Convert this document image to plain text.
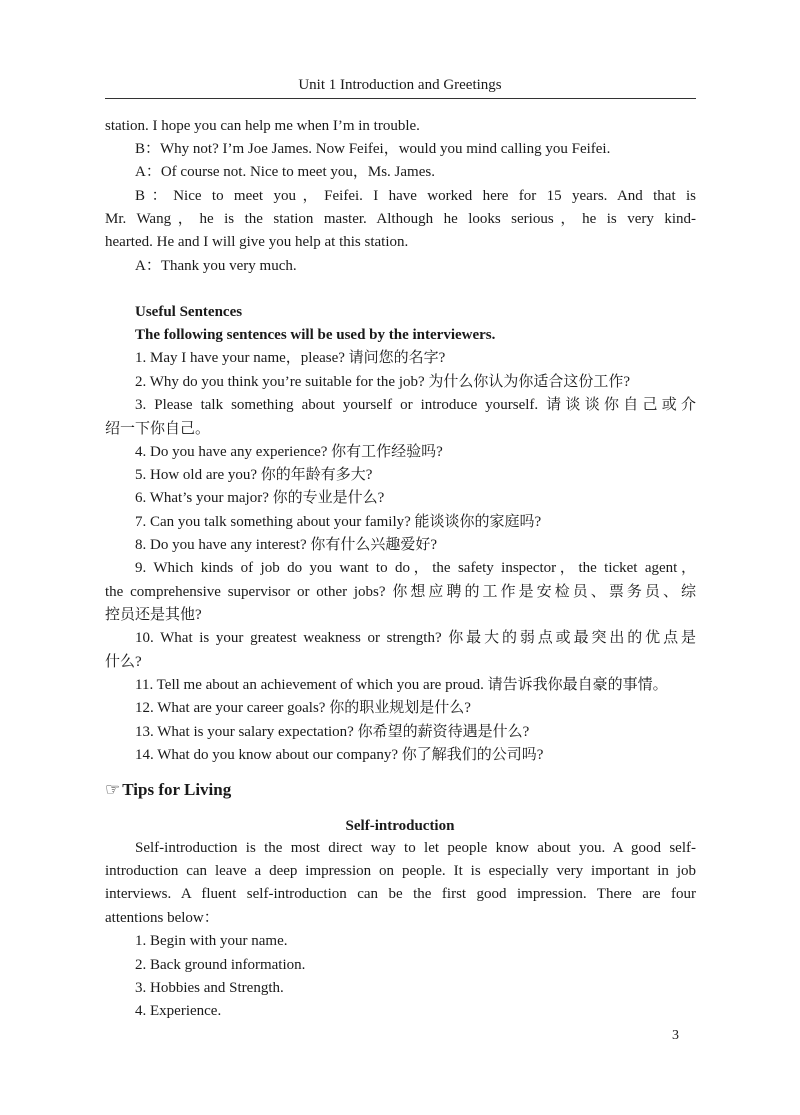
Unit 1 Introduction and Greetings
station. I hope you can help me when I’m in trouble.
B：Why not? I’m Joe James. Now Feifei，would you mind calling you Feifei.
A：Of course not. Nice to meet you，Ms. James.
B：Nice to meet you，Feifei. I have worked here for 15 years. And that is
Mr. Wang，he is the station master. Although he looks serious，he is very kind-
hearted. He and I will give you help at this station.
A：Thank you very much.
Useful Sentences
The following sentences will be used by the interviewers.
1. May I have your name，please? 请问您的名字?
2. Why do you think you’re suitable for the job? 为什么你认为你适合这份工作?
3. Please talk something about yourself or introduce yourself. 请谈谈你自己或介
绍一下你自己。
4. Do you have any experience? 你有工作经验吗?
5. How old are you? 你的年龄有多大?
6. What’s your major? 你的专业是什么?
7. Can you talk something about your family? 能谈谈你的家庭吗?
8. Do you have any interest? 你有什么兴趣爱好?
9. Which kinds of job do you want to do，the safety inspector，the ticket agent，
the comprehensive supervisor or other jobs? 你想应聘的工作是安检员、票务员、综
控员还是其他?
10. What is your greatest weakness or strength? 你最大的弱点或最突出的优点是
什么?
11. Tell me about an achievement of which you are proud. 请告诉我你最自豪的事情。
12. What are your career goals? 你的职业规划是什么?
13. What is your salary expectation? 你希望的薪资待遇是什么?
14. What do you know about our company? 你了解我们的公司吗?
☞ Tips for Living
Self-introduction
Self-introduction is the most direct way to let people know about you. A good self-
introduction can leave a deep impression on people. It is especially very important in job
interviews. A fluent self-introduction can be the first good impression. There are four
attentions below：
1. Begin with your name.
2. Back ground information.
3. Hobbies and Strength.
4. Experience.
3
